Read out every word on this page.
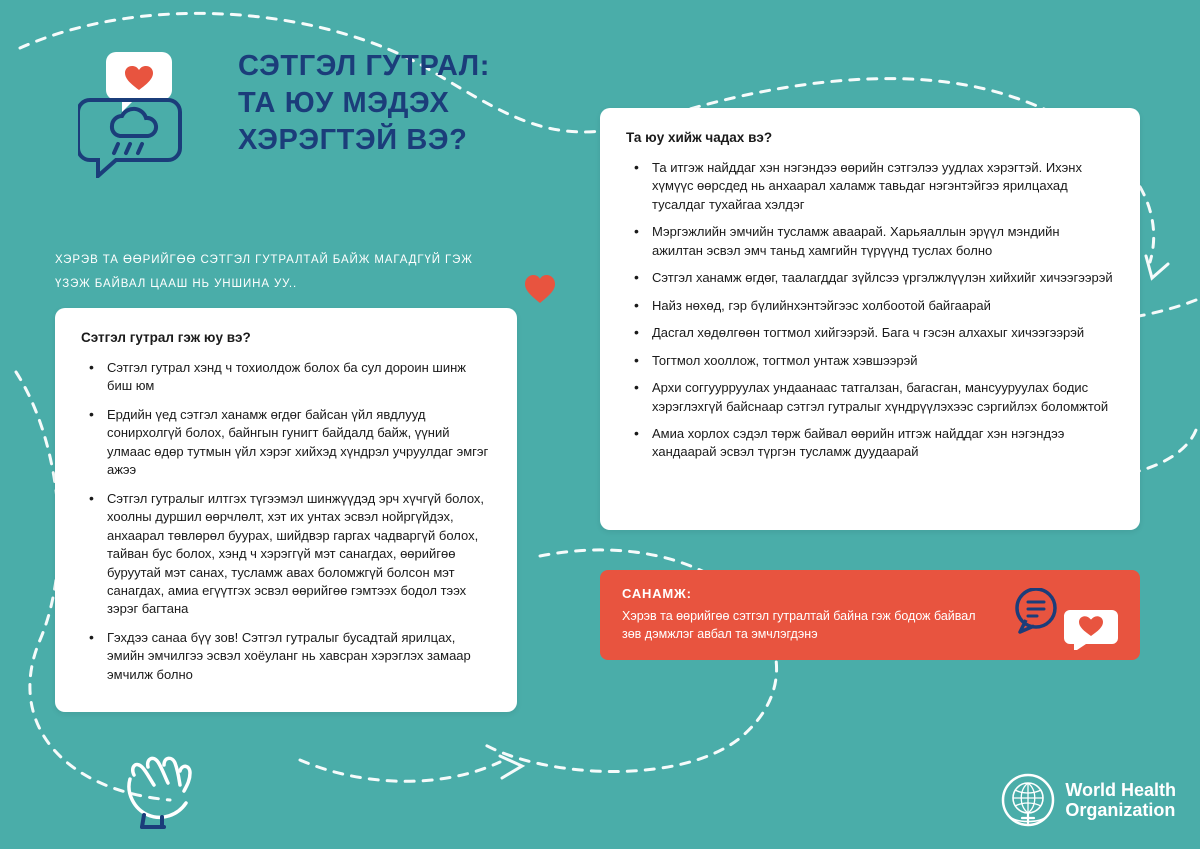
СЭТГЭЛ ГУТРАЛ:
ТА ЮУ МЭДЭХ
ХЭРЭГТЭЙ ВЭ?
ХЭРЭВ ТА ӨӨРИЙГӨӨ СЭТГЭЛ ГУТРАЛТАЙ БАЙЖ МАГАДГҮЙ ГЭЖ
ҮЗЭЖ БАЙВАЛ ЦААШ НЬ УНШИНА УУ..
Сэтгэл гутрал гэж юу вэ?
• Сэтгэл гутрал хэнд ч тохиолдож болох ба сул дороин шинж биш юм
• Ердийн үед сэтгэл ханамж өгдөг байсан үйл явдлууд сонирхолгүй болох, байнгын гунигт байдалд байж, үүний улмаас өдөр тутмын үйл хэрэг хийхэд хүндрэл учруулдаг эмгэг ажээ
• Сэтгэл гутралыг илтгэх түгээмэл шинжүүдэд эрч хүчгүй болох, хоолны дуршил өөрчлөлт, хэт их унтах эсвэл нойргүйдэх, анхаарал төвлөрөл буурах, шийдвэр гаргах чадваргүй болох, тайван бус болох, хэнд ч хэрэггүй мэт санагдах, өөрийгөө буруутай мэт санах, тусламж авах боломжгүй болсон мэт санагдах, амиа егүүтгэх эсвэл өөрийгөө гэмтээх бодол тээх зэрэг багтана
• Гэхдээ санаа бүү зов! Сэтгэл гутралыг бусадтай ярилцах, эмийн эмчилгээ эсвэл хоёуланг нь хавсран хэрэглэх замаар эмчилж болно
Та юу хийж чадах вэ?
• Та итгэж найддаг хэн нэгэндээ өөрийн сэтгэлээ уудлах хэрэгтэй. Ихэнх хүмүүс өөрсдед нь анхаарал халамж тавьдаг нэгэнтэйгээ ярилцахад тусалдаг тухайгаа хэлдэг
• Мэргэжлийн эмчийн тусламж авaарай. Харьяаллын эрүүл мэндийн ажилтан эсвэл эмч таньд хамгийн түрүүнд туслах болно
• Сэтгэл ханамж өгдөг, таалагддаг зүйлсээ үргэлжлүүлэн хийхийг хичээгээрэй
• Найз нөхөд, гэр бүлийнхэнтэйгээс холбоотой байгаарай
• Дасгал хөдөлгөөн тогтмол хийгээрэй. Бага ч гэсэн алхахыг хичээгээрэй
• Тогтмол хооллож, тогтмол унтаж хэвшээрэй
• Архи соггуурруулах ундаанаас татгалзан, багасган, мансууруулах бодис хэрэглэхгүй байснаар сэтгэл гутралыг хүндрүүлэхээс сэргийлэх боломжтой
• Амиа хорлох сэдэл төрж байвал өөрийн итгэж найддаг хэн нэгэндээ хандаарай эсвэл түргэн тусламж дуудаарай
САНАМЖ:
Хэрэв та өөрийгөө сэтгэл гутралтай байна гэж бодож байвал зөв дэмжлэг авбал та эмчлэгдэнэ
World Health
Organization
